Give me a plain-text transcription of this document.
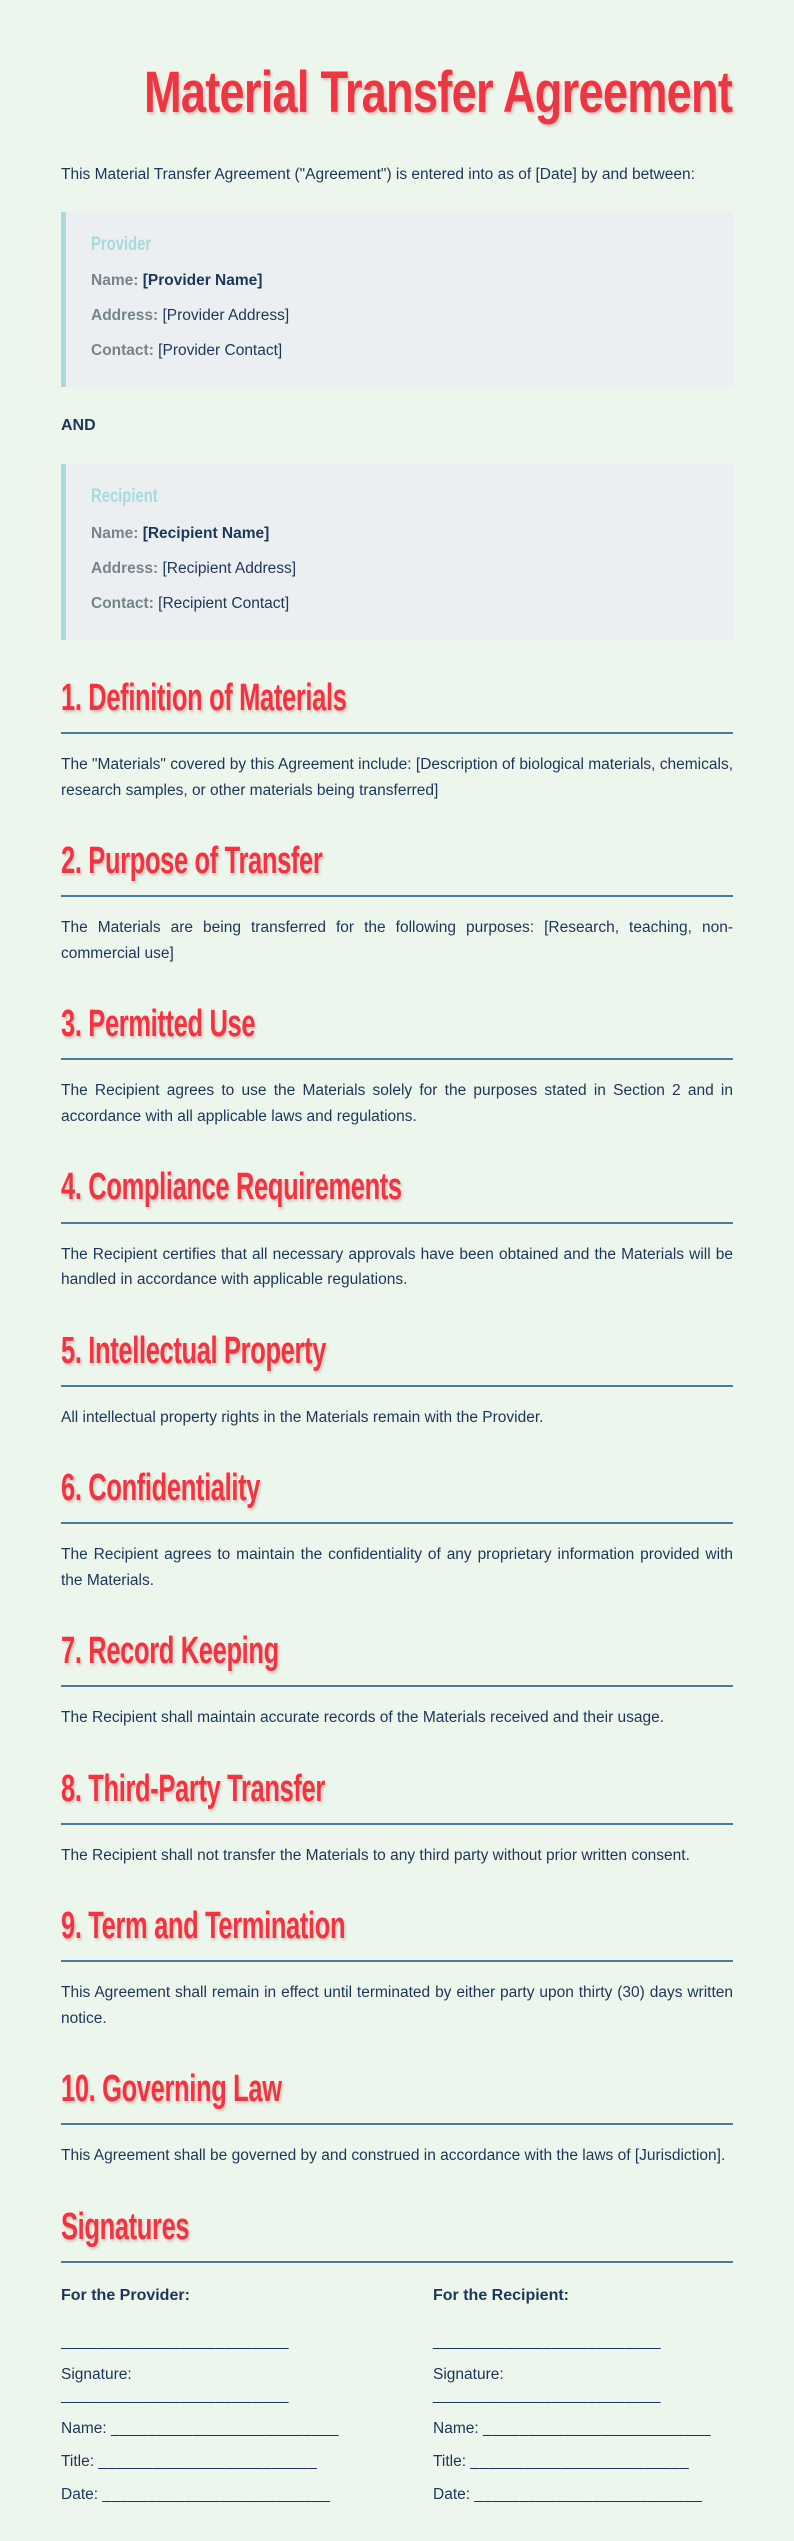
Material Transfer Agreement

This Material Transfer Agreement ("Agreement") is entered into as of [Date] by and between:

Provider

Name: [Provider Name]

Address: [Provider Address]

Contact: [Provider Contact]

AND

Recipient

Name: [Recipient Name]

Address: [Recipient Address]

Contact: [Recipient Contact]

1. Definition of Materials

The "Materials" covered by this Agreement include: [Description of biological materials, chemicals, research samples, or other materials being transferred]

2. Purpose of Transfer

The Materials are being transferred for the following purposes: [Research, teaching, non-commercial use]

3. Permitted Use

The Recipient agrees to use the Materials solely for the purposes stated in Section 2 and in accordance with all applicable laws and regulations.

4. Compliance Requirements

The Recipient certifies that all necessary approvals have been obtained and the Materials will be handled in accordance with applicable regulations.

5. Intellectual Property

All intellectual property rights in the Materials remain with the Provider.

6. Confidentiality

The Recipient agrees to maintain the confidentiality of any proprietary information provided with the Materials.

7. Record Keeping

The Recipient shall maintain accurate records of the Materials received and their usage.

8. Third-Party Transfer

The Recipient shall not transfer the Materials to any third party without prior written consent.

9. Term and Termination

This Agreement shall remain in effect until terminated by either party upon thirty (30) days written notice.

10. Governing Law

This Agreement shall be governed by and construed in accordance with the laws of [Jurisdiction].

Signatures

For the Provider:

_________________________

Signature: _________________________

Name: _________________________

Title: ________________________

Date: _________________________

For the Recipient:

_________________________

Signature: _________________________

Name: _________________________

Title: ________________________

Date: _________________________
